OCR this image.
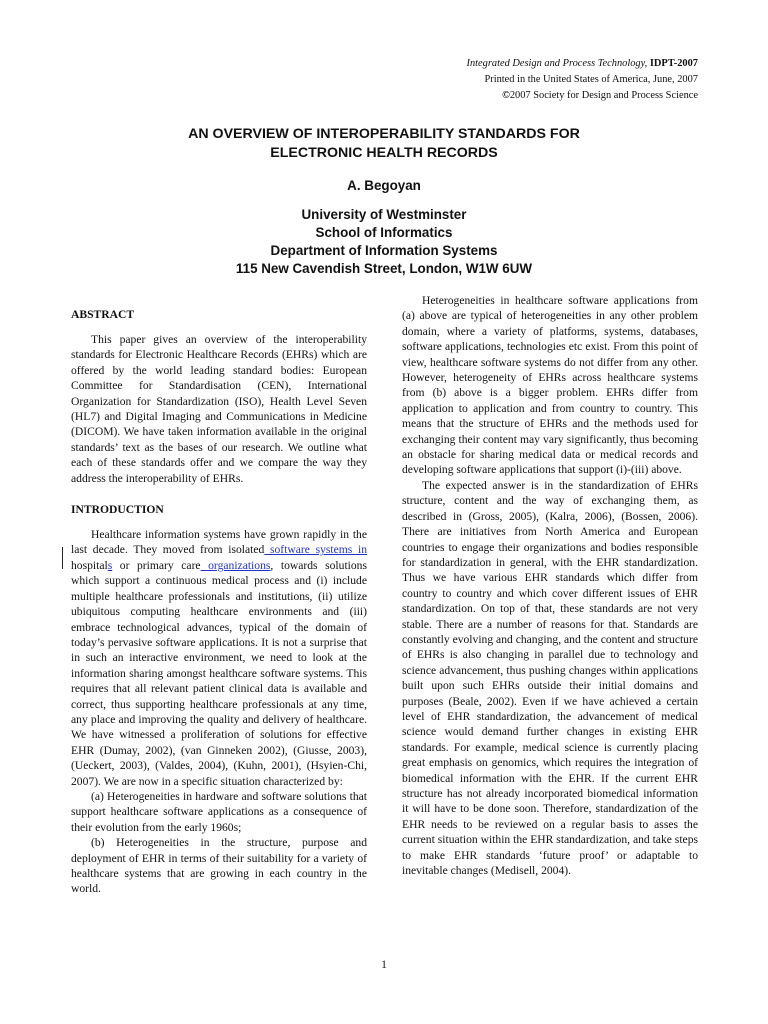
Integrated Design and Process Technology, IDPT-2007
Printed in the United States of America, June, 2007
©2007 Society for Design and Process Science
AN OVERVIEW OF INTEROPERABILITY STANDARDS FOR
ELECTRONIC HEALTH RECORDS
A. Begoyan
University of Westminster
School of Informatics
Department of Information Systems
115 New Cavendish Street, London, W1W 6UW
ABSTRACT

This paper gives an overview of the interoperability standards for Electronic Healthcare Records (EHRs) which are offered by the world leading standard bodies: European Committee for Standardisation (CEN), International Organization for Standardization (ISO), Health Level Seven (HL7) and Digital Imaging and Communications in Medicine (DICOM). We have taken information available in the original standards’ text as the bases of our research. We outline what each of these standards offer and we compare the way they address the interoperability of EHRs.

INTRODUCTION

Healthcare information systems have grown rapidly in the last decade. They moved from isolated software systems in hospitals or primary care organizations, towards solutions which support a continuous medical process and (i) include multiple healthcare professionals and institutions, (ii) utilize ubiquitous computing healthcare environments and (iii) embrace technological advances, typical of the domain of today’s pervasive software applications. It is not a surprise that in such an interactive environment, we need to look at the information sharing amongst healthcare software systems. This requires that all relevant patient clinical data is available and correct, thus supporting healthcare professionals at any time, any place and improving the quality and delivery of healthcare. We have witnessed a proliferation of solutions for effective EHR (Dumay, 2002), (van Ginneken 2002), (Giusse, 2003), (Ueckert, 2003), (Valdes, 2004), (Kuhn, 2001), (Hsyien-Chi, 2007). We are now in a specific situation characterized by:

(a) Heterogeneities in hardware and software solutions that support healthcare software applications as a consequence of their evolution from the early 1960s;

(b) Heterogeneities in the structure, purpose and deployment of EHR in terms of their suitability for a variety of healthcare systems that are growing in each country in the world.

Heterogeneities in healthcare software applications from (a) above are typical of heterogeneities in any other problem domain, where a variety of platforms, systems, databases, software applications, technologies etc exist. From this point of view, healthcare software systems do not differ from any other. However, heterogeneity of EHRs across healthcare systems from (b) above is a bigger problem. EHRs differ from application to application and from country to country. This means that the structure of EHRs and the methods used for exchanging their content may vary significantly, thus becoming an obstacle for sharing medical data or medical records and developing software applications that support (i)-(iii) above.

The expected answer is in the standardization of EHRs structure, content and the way of exchanging them, as described in (Gross, 2005), (Kalra, 2006), (Bossen, 2006). There are initiatives from North America and European countries to engage their organizations and bodies responsible for standardization in general, with the EHR standardization. Thus we have various EHR standards which differ from country to country and which cover different issues of EHR standardization. On top of that, these standards are not very stable. There are a number of reasons for that. Standards are constantly evolving and changing, and the content and structure of EHRs is also changing in parallel due to technology and science advancement, thus pushing changes within applications built upon such EHRs outside their initial domains and purposes (Beale, 2002). Even if we have achieved a certain level of EHR standardization, the advancement of medical science would demand further changes in existing EHR standards. For example, medical science is currently placing great emphasis on genomics, which requires the integration of biomedical information with the EHR. If the current EHR structure has not already incorporated biomedical information it will have to be done soon. Therefore, standardization of the EHR needs to be reviewed on a regular basis to asses the current situation within the EHR standardization, and take steps to make EHR standards ‘future proof’ or adaptable to inevitable changes (Medisell, 2004).

1
